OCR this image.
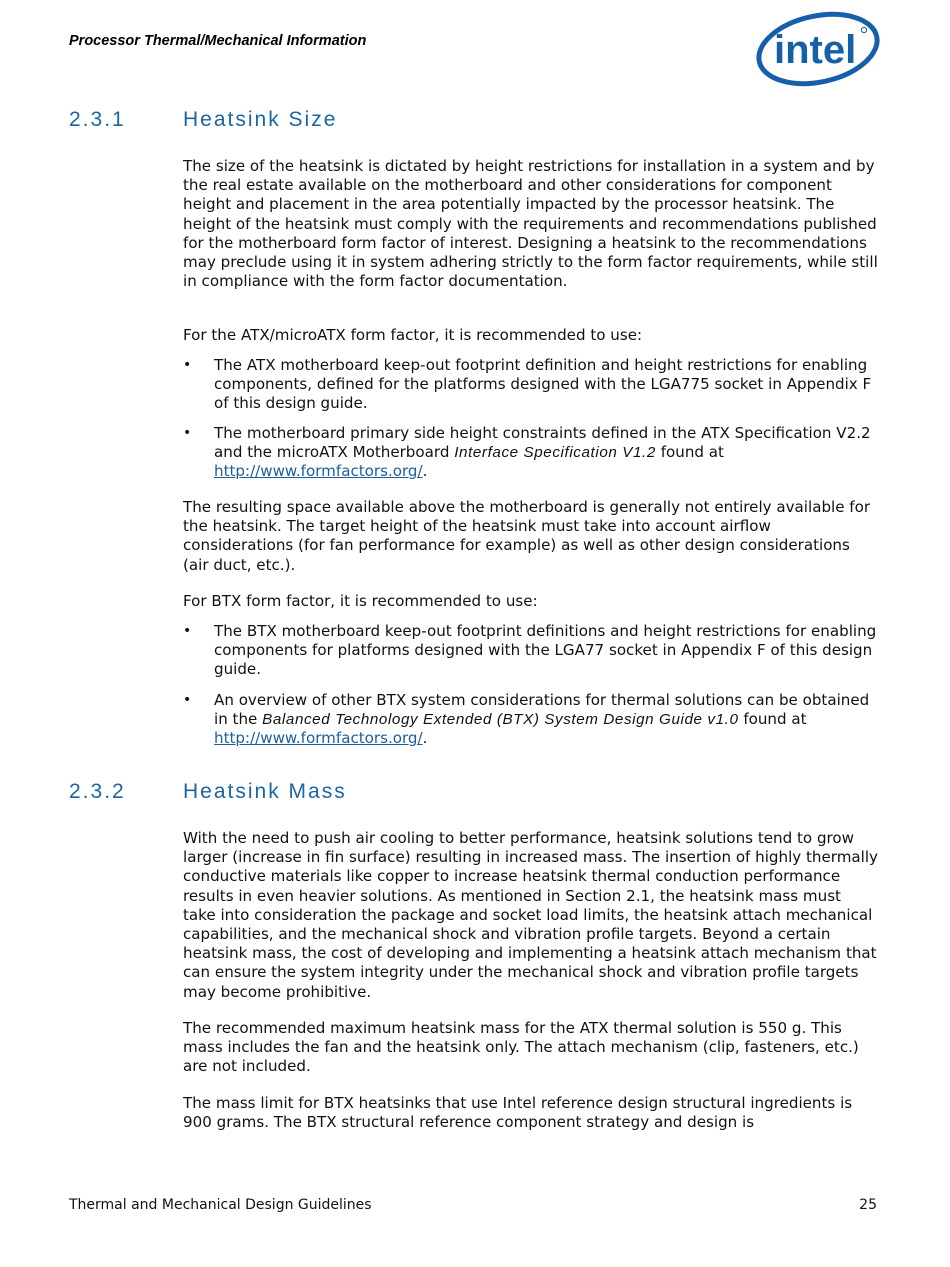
Processor Thermal/Mechanical Information	intel
2.3.1	Heatsink Size

The size of the heatsink is dictated by height restrictions for installation in a system and by the real estate available on the motherboard and other considerations for component height and placement in the area potentially impacted by the processor heatsink. The height of the heatsink must comply with the requirements and recommendations published for the motherboard form factor of interest. Designing a heatsink to the recommendations may preclude using it in system adhering strictly to the form factor requirements, while still in compliance with the form factor documentation.

For the ATX/microATX form factor, it is recommended to use:

• The ATX motherboard keep-out footprint definition and height restrictions for enabling components, defined for the platforms designed with the LGA775 socket in Appendix F of this design guide.
• The motherboard primary side height constraints defined in the ATX Specification V2.2 and the microATX Motherboard Interface Specification V1.2 found at http://www.formfactors.org/.

The resulting space available above the motherboard is generally not entirely available for the heatsink. The target height of the heatsink must take into account airflow considerations (for fan performance for example) as well as other design considerations (air duct, etc.).

For BTX form factor, it is recommended to use:

• The BTX motherboard keep-out footprint definitions and height restrictions for enabling components for platforms designed with the LGA77 socket in Appendix F of this design guide.
• An overview of other BTX system considerations for thermal solutions can be obtained in the Balanced Technology Extended (BTX) System Design Guide v1.0 found at http://www.formfactors.org/.
2.3.2	Heatsink Mass

With the need to push air cooling to better performance, heatsink solutions tend to grow larger (increase in fin surface) resulting in increased mass. The insertion of highly thermally conductive materials like copper to increase heatsink thermal conduction performance results in even heavier solutions. As mentioned in Section 2.1, the heatsink mass must take into consideration the package and socket load limits, the heatsink attach mechanical capabilities, and the mechanical shock and vibration profile targets. Beyond a certain heatsink mass, the cost of developing and implementing a heatsink attach mechanism that can ensure the system integrity under the mechanical shock and vibration profile targets may become prohibitive.

The recommended maximum heatsink mass for the ATX thermal solution is 550 g. This mass includes the fan and the heatsink only. The attach mechanism (clip, fasteners, etc.) are not included.

The mass limit for BTX heatsinks that use Intel reference design structural ingredients is 900 grams. The BTX structural reference component strategy and design is

Thermal and Mechanical Design Guidelines	25
